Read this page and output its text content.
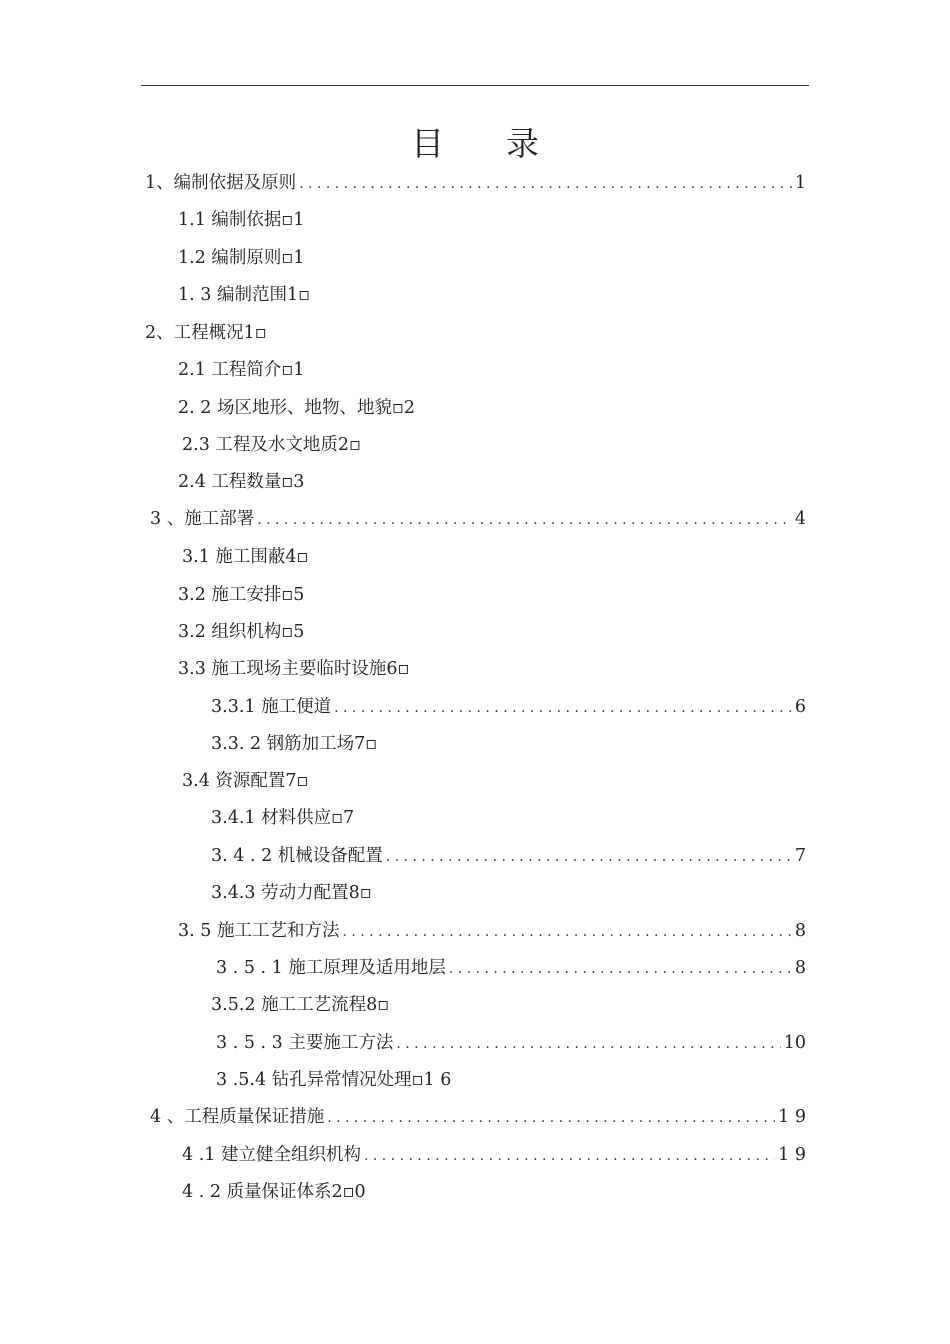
目 录
1、编制依据及原则 . . .	1
1.1 编制依据▫1
1.2 编制原则▫1
1. 3 编制范围1▫
2、工程概况1▫
2.1 工程简介▫1
2. 2 场区地形、地物、地貌▫2
2.3 工程及水文地质2▫
2.4 工程数量▫3
3 、施工部署 . . .	4
3.1 施工围蔽4▫
3.2 施工安排▫5
3.2 组织机构▫5
3.3 施工现场主要临时设施6▫
3.3.1 施工便道 . . .	6
3.3. 2 钢筋加工场7▫
3.4 资源配置7▫
3.4.1 材料供应▫7
3. 4 . 2 机械设备配置 . . .	7
3.4.3 劳动力配置8▫
3. 5 施工工艺和方法 . . .	8
3 . 5 . 1 施工原理及适用地层 . . .	8
3.5.2 施工工艺流程8▫
3 . 5 . 3 主要施工方法 . . .	10
3 .5.4 钻孔异常情况处理▫1 6
4 、工程质量保证措施 . . .	1 9
4 .1 建立健全组织机构 . . .	1 9
4 . 2 质量保证体系2▫0
